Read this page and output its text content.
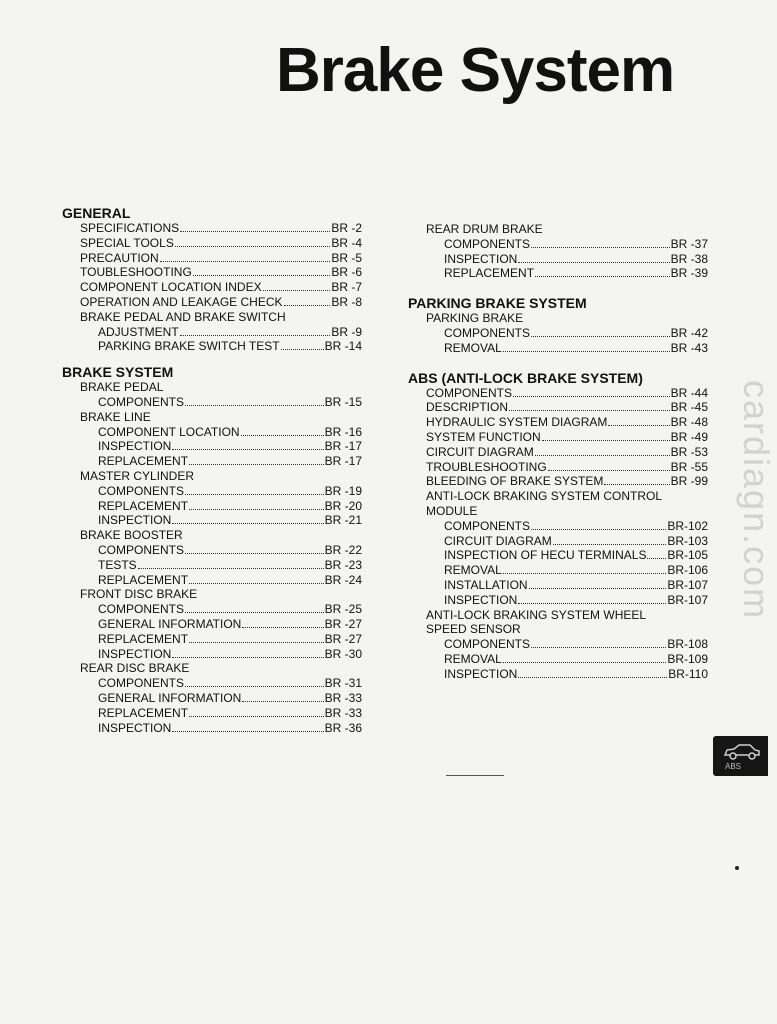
Brake System
GENERAL
SPECIFICATIONS	BR -2
SPECIAL TOOLS	BR -4
PRECAUTION	BR -5
TOUBLESHOOTING	BR -6
COMPONENT LOCATION INDEX	BR -7
OPERATION AND LEAKAGE CHECK	BR -8
BRAKE PEDAL AND BRAKE SWITCH
ADJUSTMENT	BR -9
PARKING BRAKE SWITCH TEST	BR -14
BRAKE SYSTEM
BRAKE PEDAL
COMPONENTS	BR -15
BRAKE LINE
COMPONENT LOCATION	BR -16
INSPECTION	BR -17
REPLACEMENT	BR -17
MASTER CYLINDER
COMPONENTS	BR -19
REPLACEMENT	BR -20
INSPECTION	BR -21
BRAKE BOOSTER
COMPONENTS	BR -22
TESTS	BR -23
REPLACEMENT	BR -24
FRONT DISC BRAKE
COMPONENTS	BR -25
GENERAL INFORMATION	BR -27
REPLACEMENT	BR -27
INSPECTION	BR -30
REAR DISC BRAKE
COMPONENTS	BR -31
GENERAL INFORMATION	BR -33
REPLACEMENT	BR -33
INSPECTION	BR -36
REAR DRUM BRAKE
COMPONENTS	BR -37
INSPECTION	BR -38
REPLACEMENT	BR -39
PARKING BRAKE SYSTEM
PARKING BRAKE
COMPONENTS	BR -42
REMOVAL	BR -43
ABS (ANTI-LOCK BRAKE SYSTEM)
COMPONENTS	BR -44
DESCRIPTION	BR -45
HYDRAULIC SYSTEM DIAGRAM	BR -48
SYSTEM FUNCTION	BR -49
CIRCUIT DIAGRAM	BR -53
TROUBLESHOOTING	BR -55
BLEEDING OF BRAKE SYSTEM	BR -99
ANTI-LOCK BRAKING SYSTEM CONTROL
MODULE
COMPONENTS	BR-102
CIRCUIT DIAGRAM	BR-103
INSPECTION OF HECU TERMINALS BR-105
REMOVAL	BR-106
INSTALLATION	BR-107
INSPECTION	BR-107
ANTI-LOCK BRAKING SYSTEM WHEEL
SPEED SENSOR
COMPONENTS	BR-108
REMOVAL	BR-109
INSPECTION	BR-110
cardiagn.com
ABS
